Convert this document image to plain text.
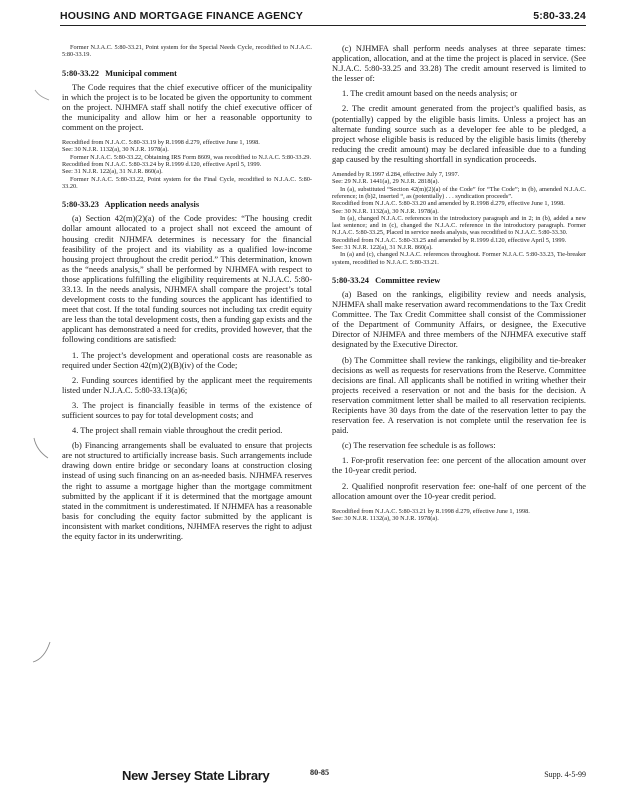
HOUSING AND MORTGAGE FINANCE AGENCY	5:80-33.24

Former N.J.A.C. 5:80-33.21, Point system for the Special Needs Cycle, recodified to N.J.A.C. 5:80-33.19.

5:80-33.22 Municipal comment

The Code requires that the chief executive officer of the municipality in which the project is to be located be given the opportunity to comment on the project. NJHMFA staff shall notify the chief executive officer of the municipality and allow him or her a reasonable opportunity to comment on the project.

Recodified from N.J.A.C. 5:80-33.19 by R.1998 d.279, effective June 1, 1998.

See: 30 N.J.R. 1132(a), 30 N.J.R. 1978(a).

Former N.J.A.C. 5:80-33.22, Obtaining IRS Form 8609, was recodified to N.J.A.C. 5:80-33.29.

Recodified from N.J.A.C. 5:80-33.24 by R.1999 d.120, effective April 5, 1999.

See: 31 N.J.R. 122(a), 31 N.J.R. 860(a).

Former N.J.A.C. 5:80-33.22, Point system for the Final Cycle, recodified to N.J.A.C. 5:80-33.20.

5:80-33.23 Application needs analysis

(a) Section 42(m)(2)(a) of the Code provides: “The housing credit dollar amount allocated to a project shall not exceed the amount of housing credit NJHMFA determines is necessary for the financial feasibility of the project and its viability as a qualified low-income housing project throughout the credit period.” This determination, known as the “needs analysis,” shall be performed by NJHMFA with respect to those applications fulfilling the eligibility requirements at N.J.A.C. 5:80-33.13. In the needs analysis, NJHMFA shall compare the project’s total development costs to the funding sources the applicant has identified to meet that cost. If the total funding sources not including tax credit equity are less than the total development costs, then a funding gap exists and the applicant has demonstrated a need for credits, provided however, that the following conditions are satisfied:

1. The project’s development and operational costs are reasonable as required under Section 42(m)(2)(B)(iv) of the Code;

2. Funding sources identified by the applicant meet the requirements listed under N.J.A.C. 5:80-33.13(a)6;

3. The project is financially feasible in terms of the existence of sufficient sources to pay for total development costs; and

4. The project shall remain viable throughout the credit period.

(b) Financing arrangements shall be evaluated to ensure that projects are not structured to artificially increase basis. Such arrangements include drawing down entire bridge or secondary loans at construction closing instead of using such financing on an as-needed basis. NJHMFA reserves the right to assume a mortgage higher than the mortgage commitment submitted by the applicant if it is determined that the mortgage amount stated in the commitment is underestimated. If NJHMFA has a reasonable basis for concluding the equity factor submitted by the applicant is inconsistent with market conditions, NJHMFA reserves the right to adjust the equity factor in its underwriting.

(c) NJHMFA shall perform needs analyses at three separate times: application, allocation, and at the time the project is placed in service. (See N.J.A.C. 5:80-33.25 and 33.28) The credit amount reserved is limited to the lesser of:

1. The credit amount based on the needs analysis; or

2. The credit amount generated from the project’s qualified basis, as (potentially) capped by the eligible basis limits. Unless a project has an alternate funding source such as a developer fee able to be pledged, a project whose eligible basis is reduced by the eligible basis limits (thereby reducing the credit amount) may be declared infeasible due to a funding gap caused by the resulting shortfall in syndication proceeds.

Amended by R.1997 d.284, effective July 7, 1997.

See: 29 N.J.R. 1441(a), 29 N.J.R. 2818(a).

In (a), substituted “Section 42(m)(2)(a) of the Code” for “The Code”; in (b), amended N.J.A.C. reference; in (b)2, inserted “, as (potentially) . . . syndication proceeds”.

Recodified from N.J.A.C. 5:80-33.20 and amended by R.1998 d.279, effective June 1, 1998.

See: 30 N.J.R. 1132(a), 30 N.J.R. 1978(a).

In (a), changed N.J.A.C. references in the introductory paragraph and in 2; in (b), added a new last sentence; and in (c), changed the N.J.A.C. reference in the introductory paragraph. Former N.J.A.C. 5:80-33.25, Placed in service needs analysis, was recodified to N.J.A.C. 5:80-33.30.

Recodified from N.J.A.C. 5:80-33.25 and amended by R.1999 d.120, effective April 5, 1999.

See: 31 N.J.R. 122(a), 31 N.J.R. 860(a).

In (a) and (c), changed N.J.A.C. references throughout. Former N.J.A.C. 5:80-33.23, Tie-breaker system, recodified to N.J.A.C. 5:80-33.21.

5:80-33.24 Committee review

(a) Based on the rankings, eligibility review and needs analysis, NJHMFA shall make reservation award recommendations to the Tax Credit Committee. The Tax Credit Committee shall consist of the Commissioner of the Department of Community Affairs, or designee, the Executive Director of NJHMFA and three members of the NJHMFA executive staff designated by the Executive Director.

(b) The Committee shall review the rankings, eligibility and tie-breaker decisions as well as requests for reservations from the Reserve. Committee decisions are final. All applicants shall be notified in writing whether their projects received a reservation or not and the basis for the decision. A reservation commitment letter shall be mailed to all reservation recipients. Recipients have 30 days from the date of the reservation letter to pay the reservation fee. A reservation is not complete until the reservation fee is paid.

(c) The reservation fee schedule is as follows:

1. For-profit reservation fee: one percent of the allocation amount over the 10-year credit period.

2. Qualified nonprofit reservation fee: one-half of one percent of the allocation amount over the 10-year credit period.

Recodified from N.J.A.C. 5:80-33.21 by R.1998 d.279, effective June 1, 1998.

See: 30 N.J.R. 1132(a), 30 N.J.R. 1978(a).

New Jersey State Library	80-85	Supp. 4-5-99
